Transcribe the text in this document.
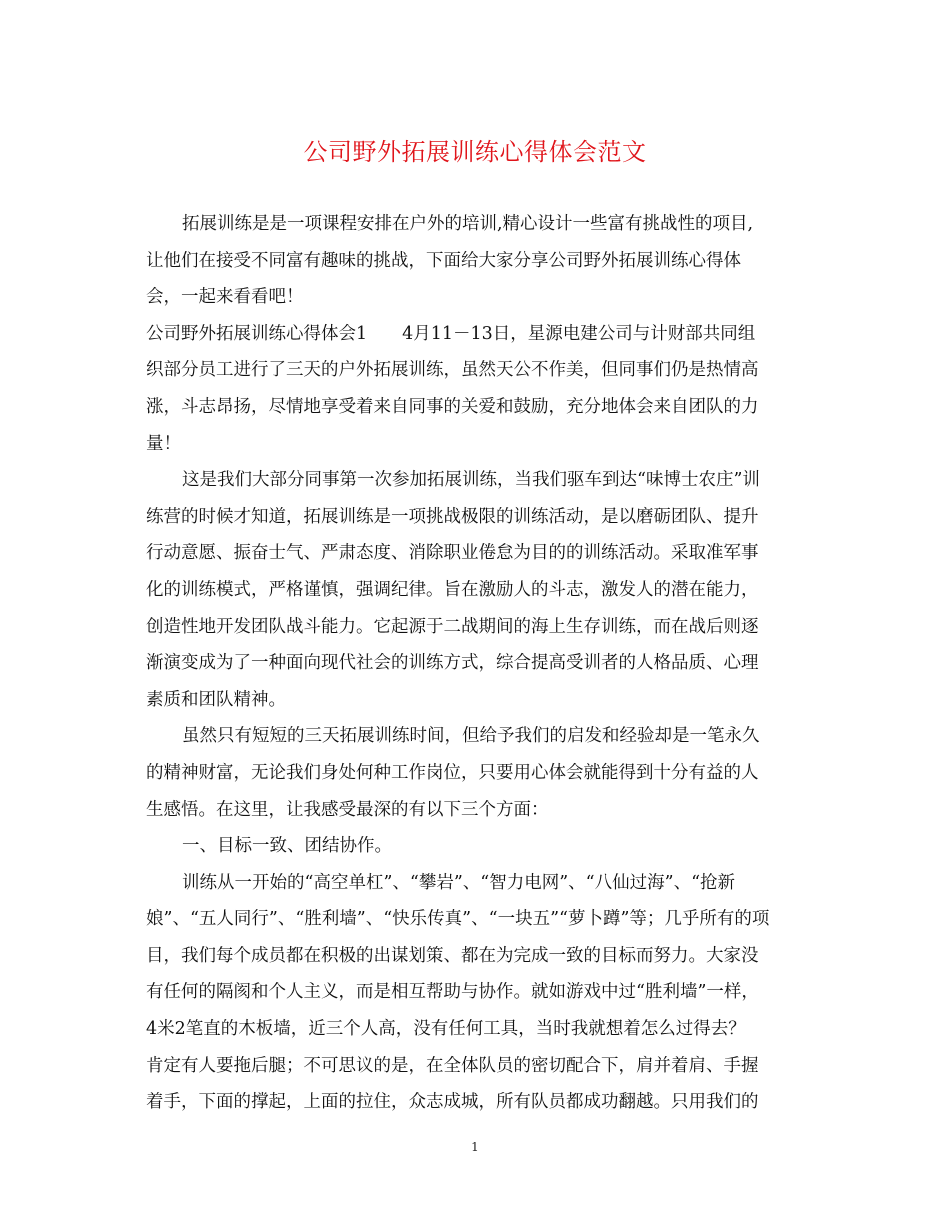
公司野外拓展训练心得体会范文
拓展训练是是一项课程安排在户外的培训,精心设计一些富有挑战性的项目,
让他们在接受不同富有趣味的挑战，下面给大家分享公司野外拓展训练心得体
会，一起来看看吧！
公司野外拓展训练心得体会1　　4月11－13日，星源电建公司与计财部共同组
织部分员工进行了三天的户外拓展训练，虽然天公不作美，但同事们仍是热情高
涨，斗志昂扬，尽情地享受着来自同事的关爱和鼓励，充分地体会来自团队的力
量！
这是我们大部分同事第一次参加拓展训练，当我们驱车到达“味博士农庄”训
练营的时候才知道，拓展训练是一项挑战极限的训练活动，是以磨砺团队、提升
行动意愿、振奋士气、严肃态度、消除职业倦怠为目的的训练活动。采取准军事
化的训练模式，严格谨慎，强调纪律。旨在激励人的斗志，激发人的潜在能力，
创造性地开发团队战斗能力。它起源于二战期间的海上生存训练，而在战后则逐
渐演变成为了一种面向现代社会的训练方式，综合提高受训者的人格品质、心理
素质和团队精神。
虽然只有短短的三天拓展训练时间，但给予我们的启发和经验却是一笔永久
的精神财富，无论我们身处何种工作岗位，只要用心体会就能得到十分有益的人
生感悟。在这里，让我感受最深的有以下三个方面：
一、目标一致、团结协作。
训练从一开始的“高空单杠”、“攀岩”、“智力电网”、“八仙过海”、“抢新
娘”、“五人同行”、“胜利墙”、“快乐传真”、“一块五”“萝卜蹲”等；几乎所有的项
目，我们每个成员都在积极的出谋划策、都在为完成一致的目标而努力。大家没
有任何的隔阂和个人主义，而是相互帮助与协作。就如游戏中过“胜利墙”一样，
4米2笔直的木板墙，近三个人高，没有任何工具，当时我就想着怎么过得去？
肯定有人要拖后腿；不可思议的是，在全体队员的密切配合下，肩并着肩、手握
着手，下面的撑起，上面的拉住，众志成城，所有队员都成功翻越。只用我们的
1
